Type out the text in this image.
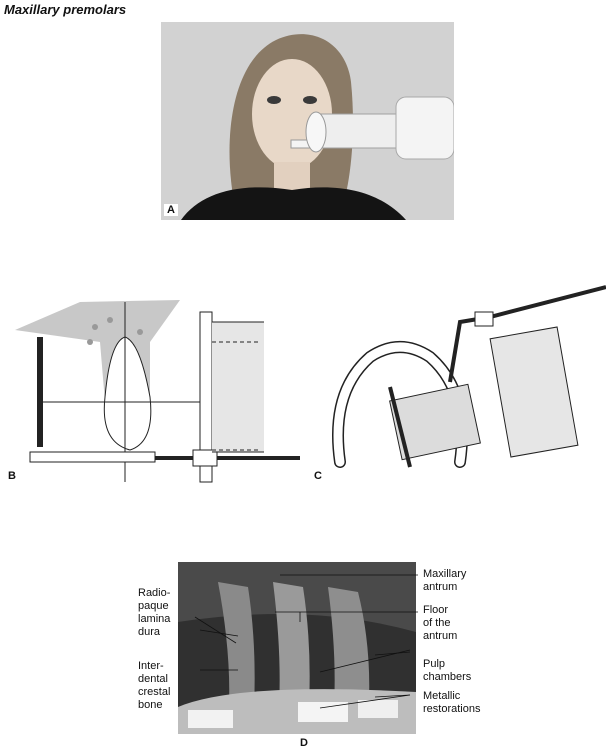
Maxillary premolars
A
B	C
Radio-
paque
lamina
dura
Inter-
dental
crestal
bone
Maxillary
antrum
Floor
of the
antrum
Pulp
chambers
Metallic
restorations
D
